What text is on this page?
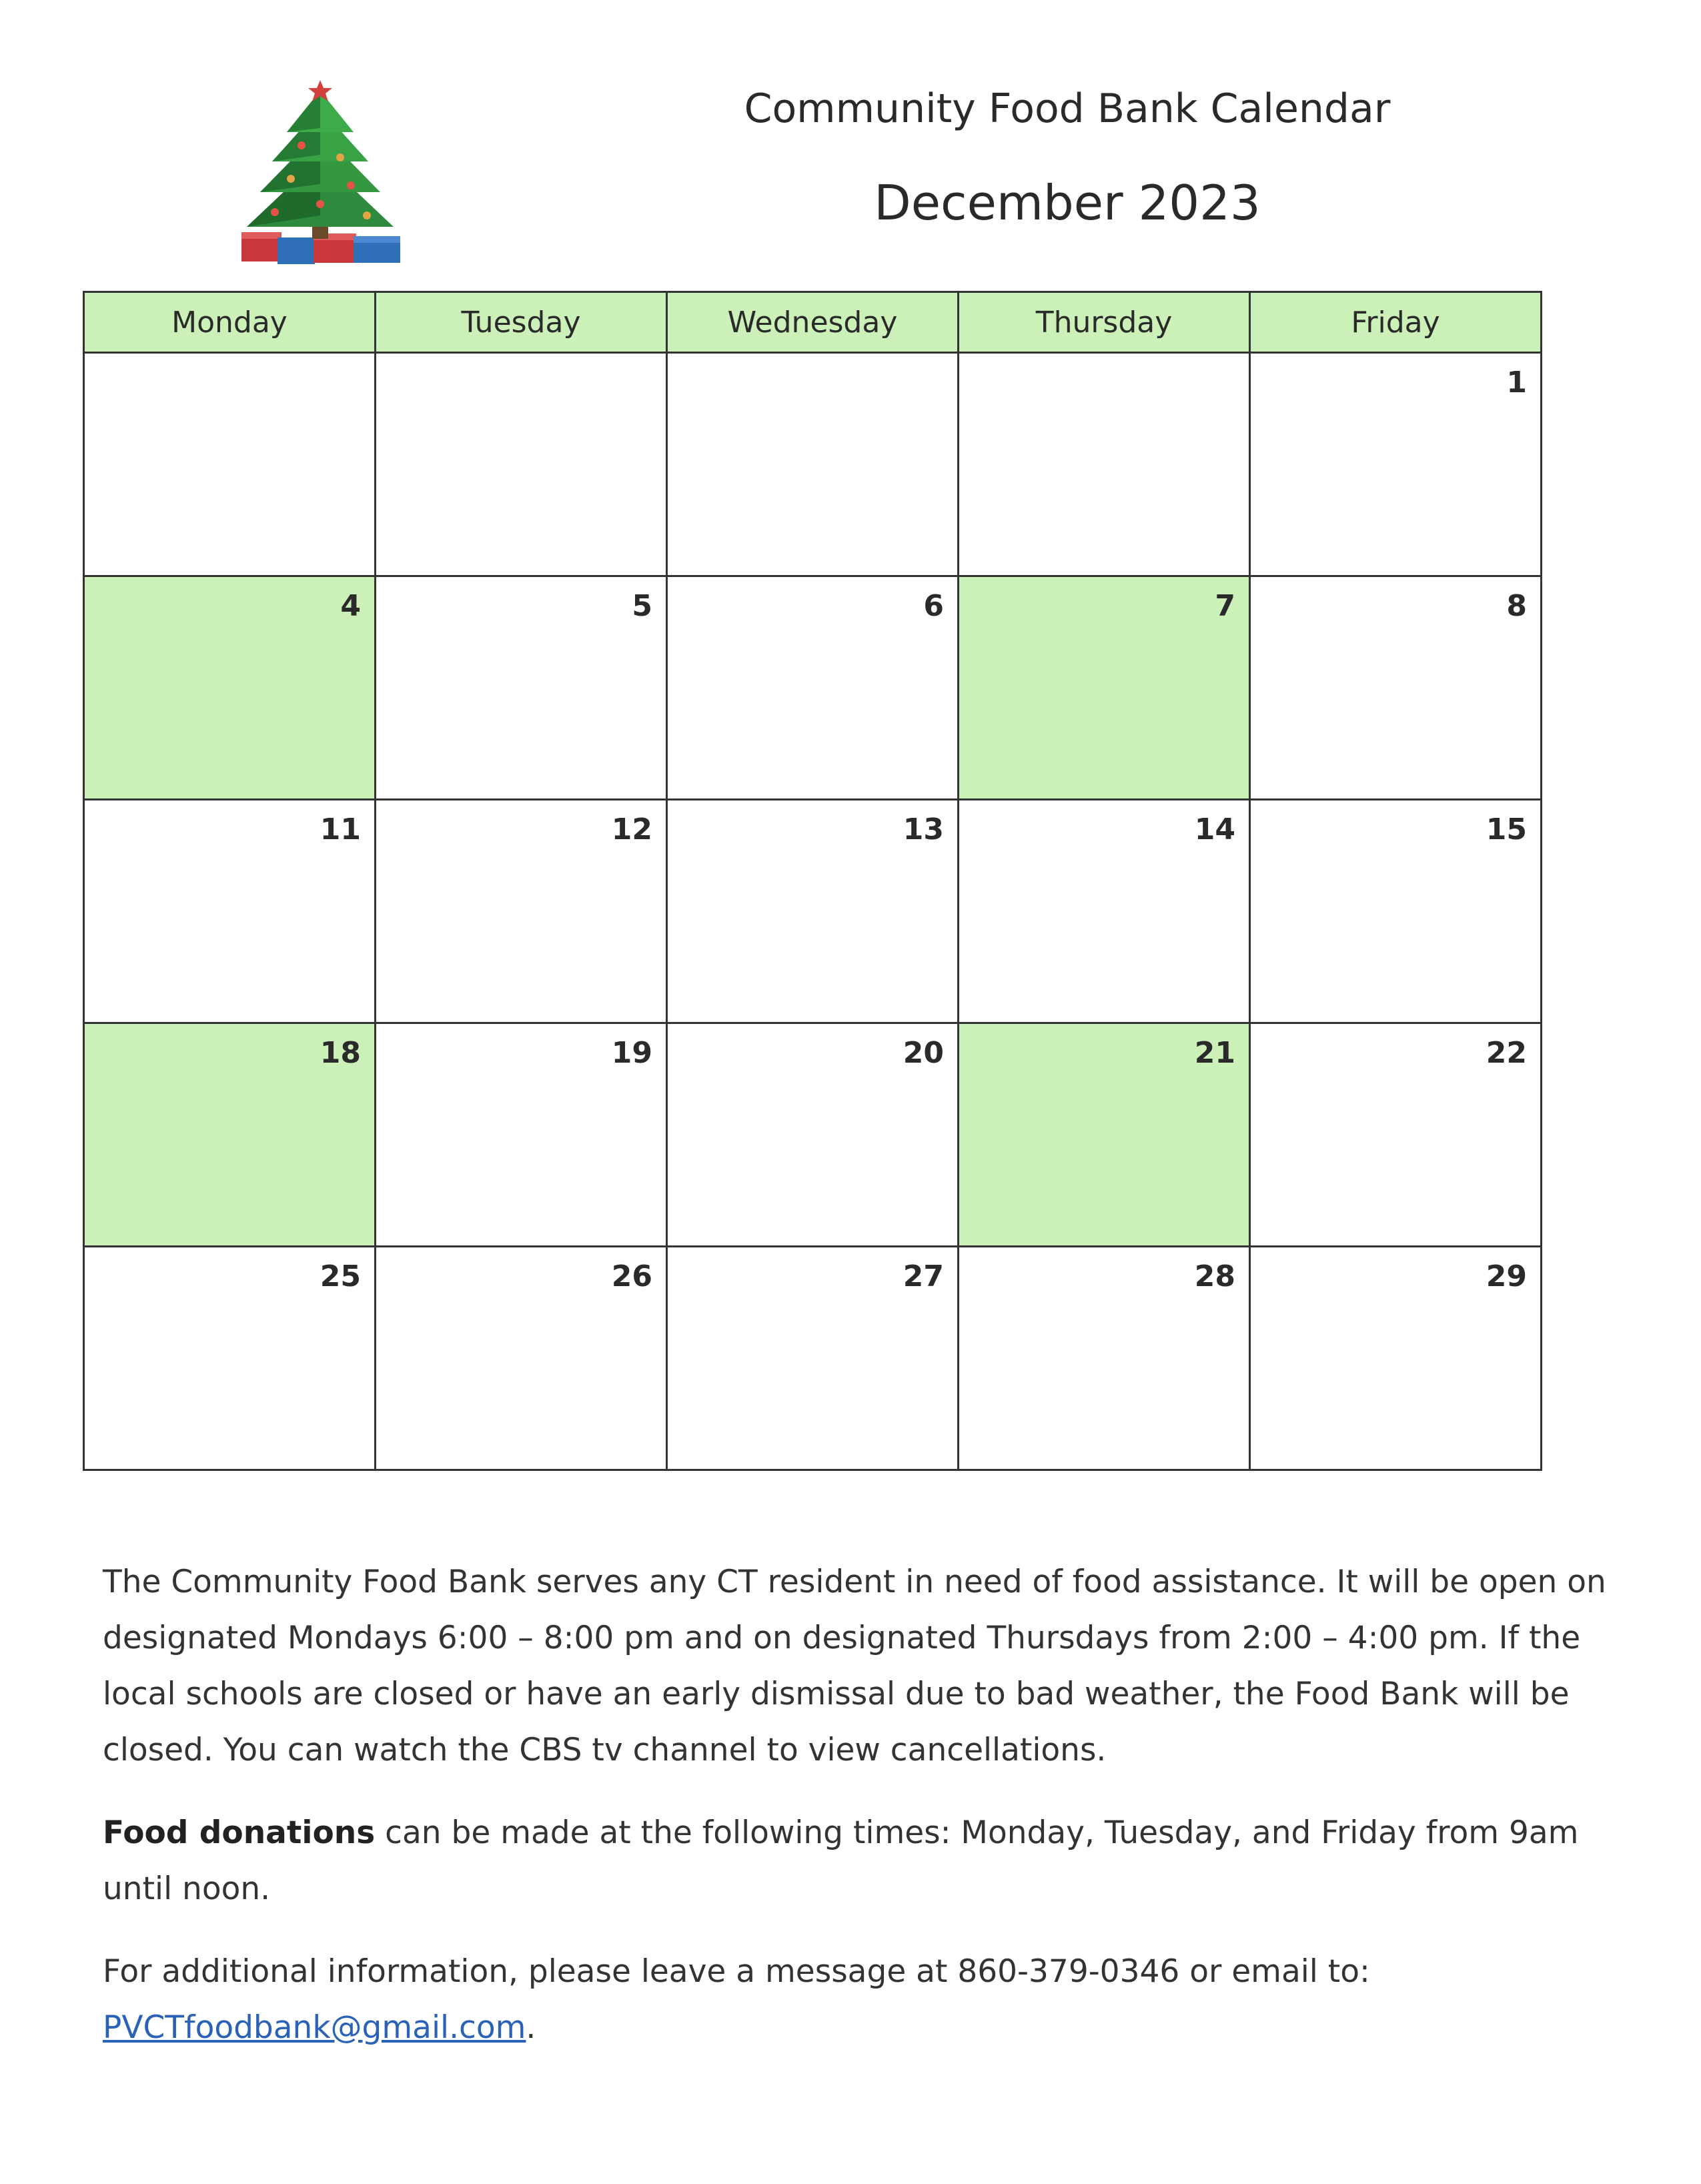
Community Food Bank Calendar
December 2023
Monday	Tuesday	Wednesday	Thursday	Friday
				1
4	5	6	7	8
11	12	13	14	15
18	19	20	21	22
25	26	27	28	29

The Community Food Bank serves any CT resident in need of food assistance. It will be open on designated Mondays 6:00 – 8:00 pm and on designated Thursdays from 2:00 – 4:00 pm. If the local schools are closed or have an early dismissal due to bad weather, the Food Bank will be closed. You can watch the CBS tv channel to view cancellations.

Food donations can be made at the following times: Monday, Tuesday, and Friday from 9am until noon.

For additional information, please leave a message at 860-379-0346 or email to: PVCTfoodbank@gmail.com.
